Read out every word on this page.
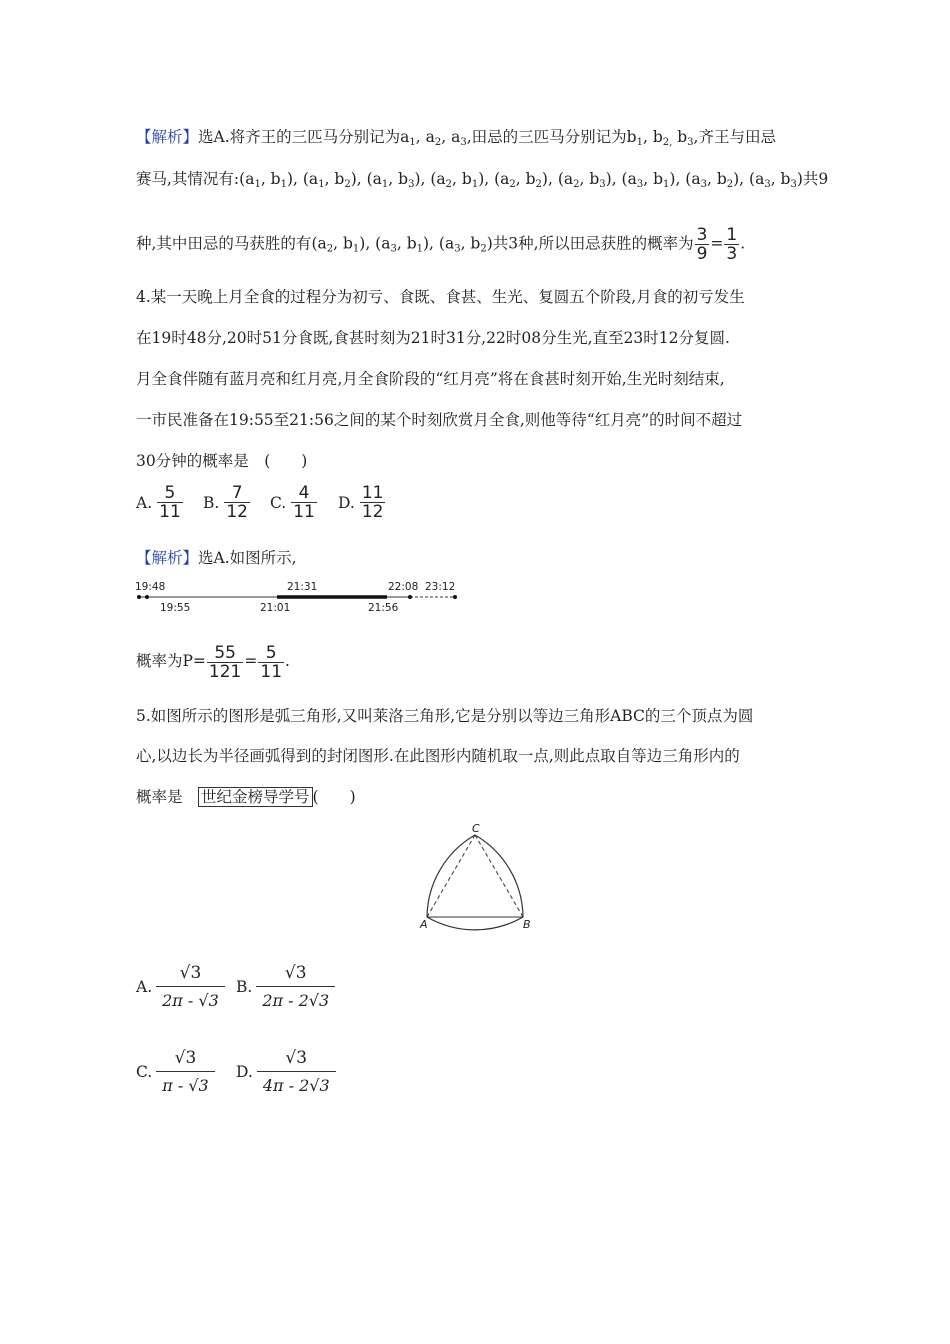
【解析】选A.将齐王的三匹马分别记为$a_1$, $a_2$, $a_3$,田忌的三匹马分别记为$b_1$, $b_{2,}$ $b_3$,齐王与田忌
赛马,其情况有$:(a_1$, $b_1$), ($a_1$, $b_2$), ($a_1$, $b_3$), ($a_2$, $b_1$), ($a_2$, $b_2$), ($a_2$, $b_3$), ($a_3$, $b_1$), ($a_3$, $b_2$), ($a_3$, $b_3$)共9
种,其中田忌的马获胜的有($a_2$, $b_1$), ($a_3$, $b_1$), ($a_3$, $b_2$)共3种,所以田忌获胜的概率为 $\frac{3}{9} = \frac{1}{3}$ .
4.某一天晚上月全食的过程分为初亏、食既、食甚、生光、复圆五个阶段,月食的初亏发生
在19时48分,20时51分食既,食甚时刻为21时31分,22时08分生光,直至23时12分复圆.
月全食伴随有蓝月亮和红月亮,月全食阶段的“红月亮”将在食甚时刻开始,生光时刻结束,
一市民准备在19:55至21:56之间的某个时刻欣赏月全食,则他等待“红月亮”的时间不超过
30分钟的概率是　(　　)
A. $\frac{5}{11} B$. $\frac{7}{12} C$. $\frac{4}{11} D$. $\frac{11}{12}$
【解析】选A.如图所示,
19:48	21:31	22:08 23:12
19:55	21:01	21:56
概率为$P= \frac{55}{121} = \frac{5}{11}$ .
5.如图所示的图形是弧三角形,又叫莱洛三角形,它是分别以等边三角形ABC的三个顶点为圆
心,以边长为半径画弧得到的封闭图形.在此图形内随机取一点,则此点取自等边三角形内的
概率是　世纪金榜导学号 (　　)
C
A	B
A. $\frac{√3}{2\pi - √3} B$. $\frac{√3}{2\pi - 2√3}$
C. $\frac{√3}{\pi - √3} D$. $\frac{√3}{4\pi - 2√3}$
